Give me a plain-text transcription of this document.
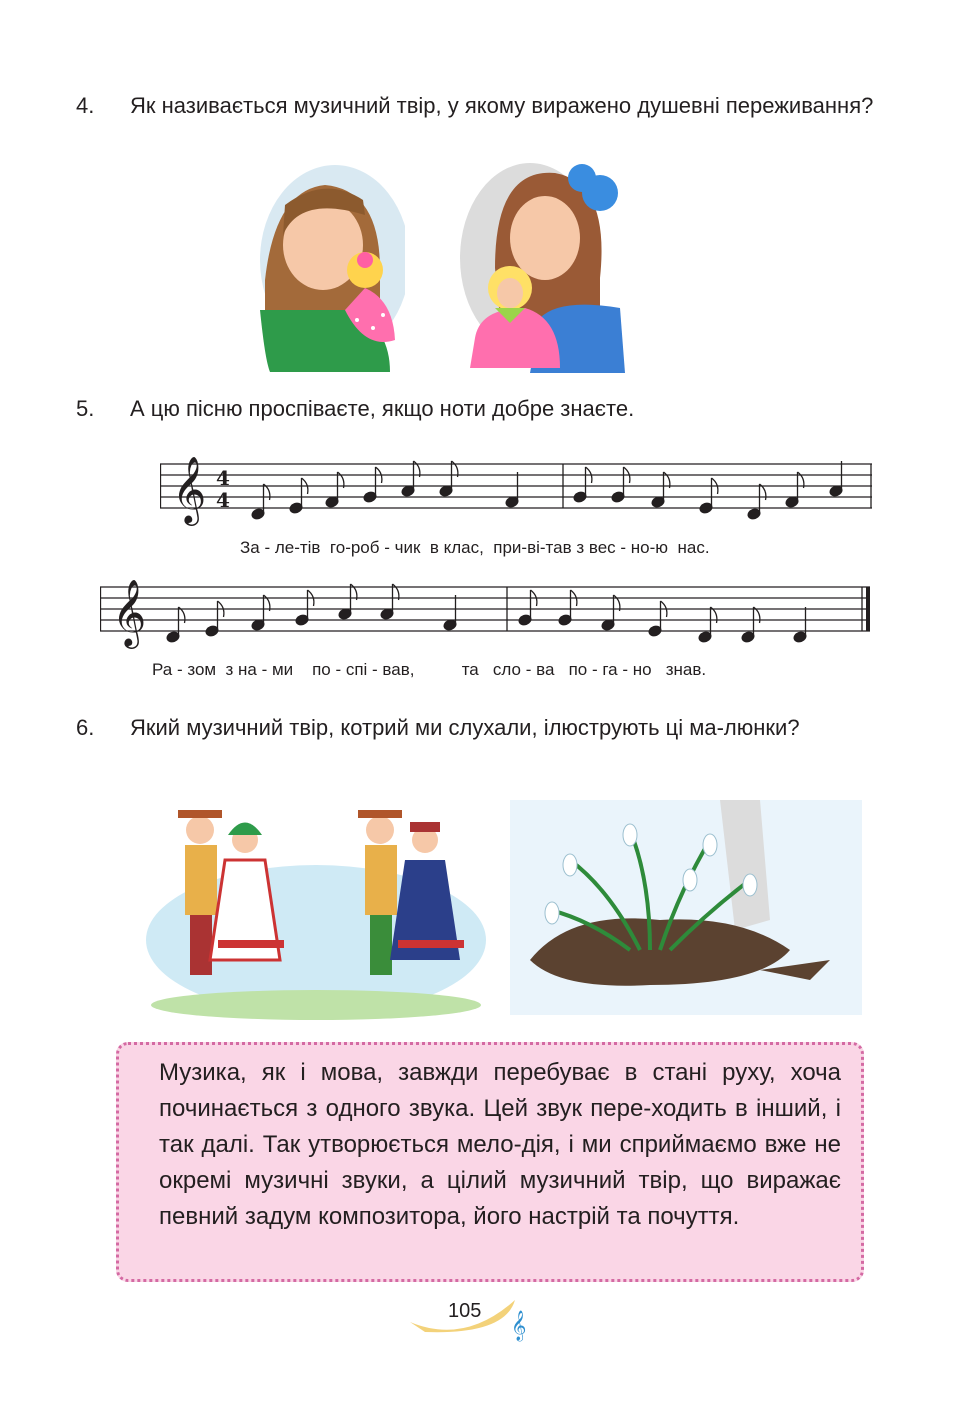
4. Як називається музичний твір, у якому виражено душевні переживання?
5. А цю пісню проспіваєте, якщо ноти добре знаєте.
𝄞 4
4
За - ле-тів  го-роб - чик  в клас,  при-ві-тав з вес - но-ю  нас.
𝄞
Ра - зом  з на - ми    по - спі - вав,          та   сло - ва   по - га - но   знав.
6. Який музичний твір, котрий ми слухали, ілюструють ці ма-люнки?
Музика, як і мова, завжди перебуває в стані руху, хоча починається з одного звука. Цей звук пере-ходить в інший, і так далі. Так утворюється мело-дія, і ми сприймаємо вже не окремі музичні звуки, а цілий музичний твір, що виражає певний задум композитора, його настрій та почуття.
𝄞
105
